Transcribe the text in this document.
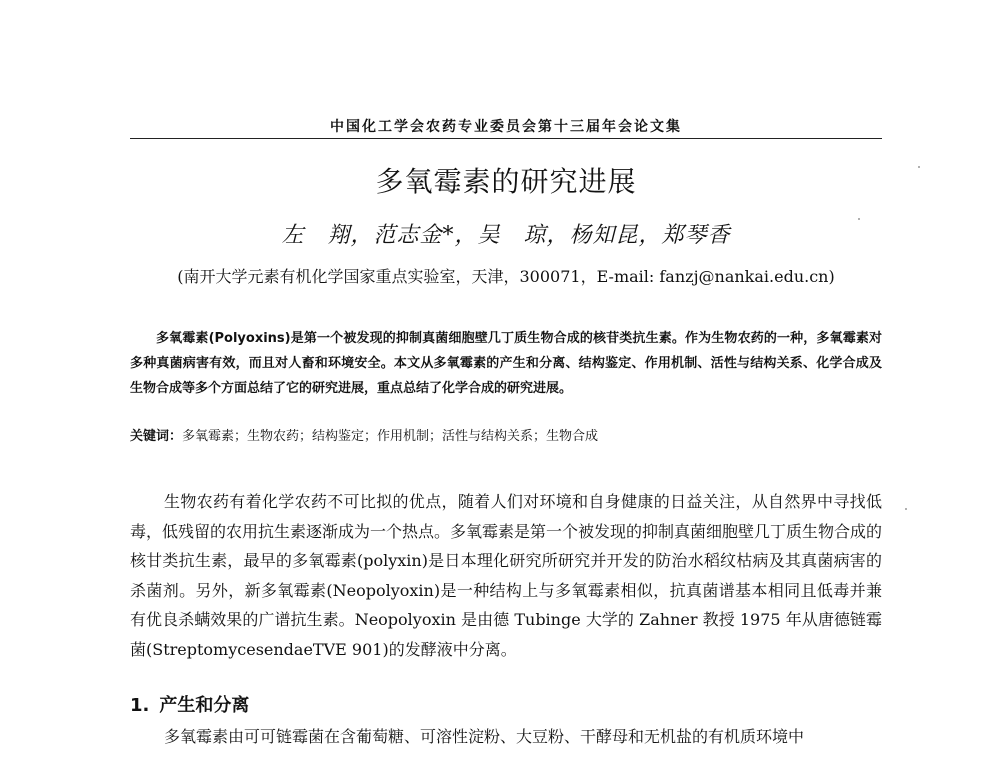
中国化工学会农药专业委员会第十三届年会论文集
多氧霉素的研究进展
左　翔，范志金*，吴　琼，杨知昆，郑琴香
(南开大学元素有机化学国家重点实验室，天津，300071，E-mail: fanzj@nankai.edu.cn)

多氧霉素(Polyoxins)是第一个被发现的抑制真菌细胞壁几丁质生物合成的核苷类抗生素。作为生物农药的一种，多氧霉素对多种真菌病害有效，而且对人畜和环境安全。本文从多氧霉素的产生和分离、结构鉴定、作用机制、活性与结构关系、化学合成及生物合成等多个方面总结了它的研究进展，重点总结了化学合成的研究进展。

关键词：多氧霉素；生物农药；结构鉴定；作用机制；活性与结构关系；生物合成

生物农药有着化学农药不可比拟的优点，随着人们对环境和自身健康的日益关注，从自然界中寻找低毒，低残留的农用抗生素逐渐成为一个热点。多氧霉素是第一个被发现的抑制真菌细胞壁几丁质生物合成的核甘类抗生素，最早的多氧霉素(polyxin)是日本理化研究所研究并开发的防治水稻纹枯病及其真菌病害的杀菌剂。另外，新多氧霉素(Neopolyoxin)是一种结构上与多氧霉素相似，抗真菌谱基本相同且低毒并兼有优良杀螨效果的广谱抗生素。Neopolyoxin 是由德 Tubinge 大学的 Zahner 教授 1975 年从唐德链霉菌(StreptomycesendaeTVE 901)的发酵液中分离。

1. 产生和分离

多氧霉素由可可链霉菌在含葡萄糖、可溶性淀粉、大豆粉、干酵母和无机盐的有机质环境中
